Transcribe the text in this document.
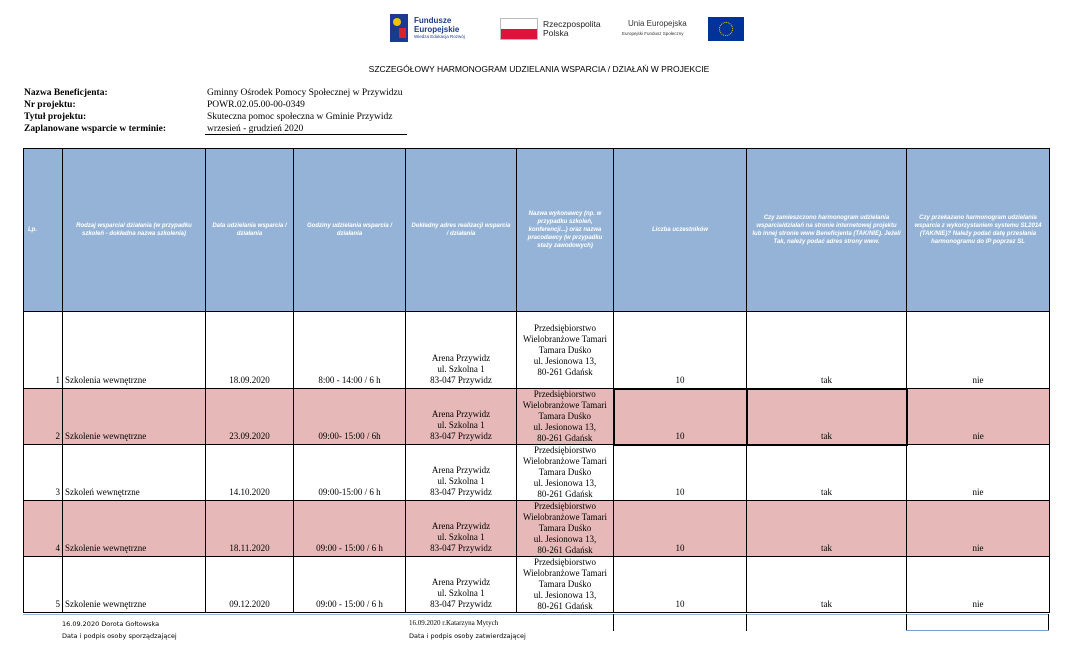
Fundusze
Europejskie
Wiedza Edukacja Rozwój
Rzeczpospolita
Polska
Unia Europejska
Europejski Fundusz Społeczny
SZCZEGÓŁOWY HARMONOGRAM UDZIELANIA WSPARCIA / DZIAŁAŃ W PROJEKCIE
Nazwa Beneficjenta:	Gminny Ośrodek Pomocy Społecznej w Przywidzu
Nr projektu:	POWR.02.05.00-00-0349
Tytuł projektu:	Skuteczna pomoc społeczna w Gminie Przywidz
Zaplanowane wsparcie w terminie:	wrzesień - grudzień 2020
Lp.	Rodzaj wsparcia/ działania (w przypadku szkoleń - dokładna nazwa szkolenia)	Data udzielania wsparcia / działania	Godziny udzielania wsparcia / działania	Dokładny adres realizacji wsparcia / działania	Nazwa wykonawcy (np. w przypadku szkoleń, konferencji...) oraz nazwa pracodawcy (w przypadku staży zawodowych)	Liczba uczestników	Czy zamieszczono harmonogram udzielania wsparcia/działań na stronie internetowej projektu lub innej stronie www Beneficjenta (TAK/NIE). Jeżeli Tak, należy podać adres strony www.	Czy przekazano harmonogram udzielania wsparcia z wykorzystaniem systemu SL2014 (TAK/NIE)? Należy podać datę przesłania harmonogramu do IP poprzez SL
1	Szkolenia wewnętrzne	18.09.2020	8:00 - 14:00 / 6 h	Arena Przywidz
ul. Szkolna 1
83-047 Przywidz	Przedsiębiorstwo
Wielobranżowe Tamari
Tamara Duśko
ul. Jesionowa 13,
80-261 Gdańsk	10	tak	nie
2	Szkolenie wewnętrzne	23.09.2020	09:00- 15:00 / 6h	Arena Przywidz
ul. Szkolna 1
83-047 Przywidz	Przedsiębiorstwo
Wielobranżowe Tamari
Tamara Duśko
ul. Jesionowa 13,
80-261 Gdańsk	10	tak	nie
3	Szkoleń wewnętrzne	14.10.2020	09:00-15:00 / 6 h	Arena Przywidz
ul. Szkolna 1
83-047 Przywidz	Przedsiębiorstwo
Wielobranżowe Tamari
Tamara Duśko
ul. Jesionowa 13,
80-261 Gdańsk	10	tak	nie
4	Szkolenie wewnętrzne	18.11.2020	09:00 - 15:00 / 6 h	Arena Przywidz
ul. Szkolna 1
83-047 Przywidz	Przedsiębiorstwo
Wielobranżowe Tamari
Tamara Duśko
ul. Jesionowa 13,
80-261 Gdańsk	10	tak	nie
5	Szkolenie wewnętrzne	09.12.2020	09:00 - 15:00 / 6 h	Arena Przywidz
ul. Szkolna 1
83-047 Przywidz	Przedsiębiorstwo
Wielobranżowe Tamari
Tamara Duśko
ul. Jesionowa 13,
80-261 Gdańsk	10	tak	nie
16.09.2020 Dorota Gołtowska
Data i podpis osoby sporządzającej
16.09.2020 r.Katarzyna Mytych
Data i podpis osoby zatwierdzającej
